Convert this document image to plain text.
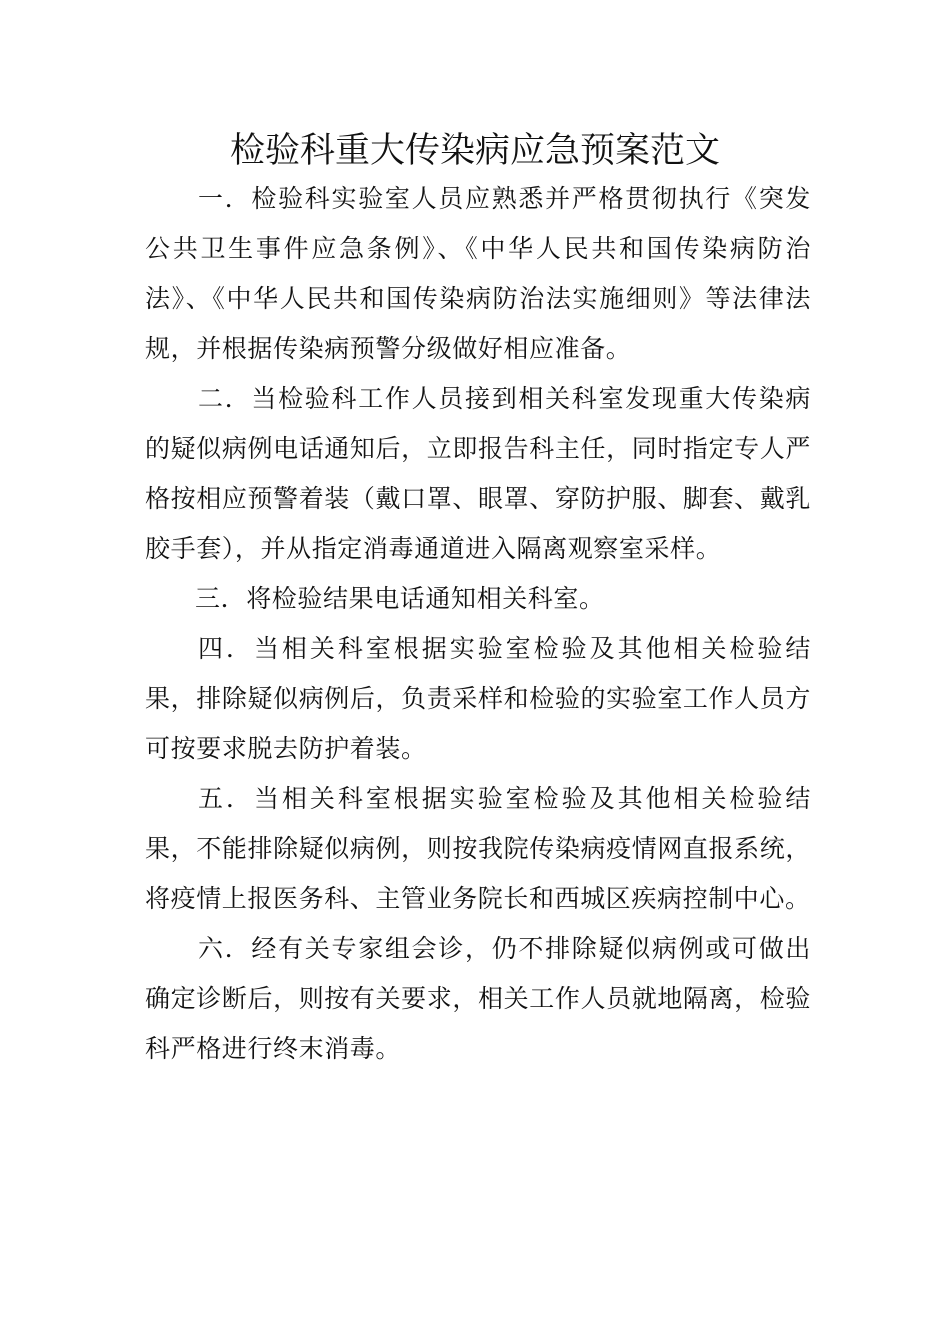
检验科重大传染病应急预案范文

一．检验科实验室人员应熟悉并严格贯彻执行《突发公共卫生事件应急条例》、《中华人民共和国传染病防治法》、《中华人民共和国传染病防治法实施细则》等法律法规，并根据传染病预警分级做好相应准备。

二．当检验科工作人员接到相关科室发现重大传染病的疑似病例电话通知后，立即报告科主任，同时指定专人严格按相应预警着装（戴口罩、眼罩、穿防护服、脚套、戴乳胶手套），并从指定消毒通道进入隔离观察室采样。

三．将检验结果电话通知相关科室。

四．当相关科室根据实验室检验及其他相关检验结果，排除疑似病例后，负责采样和检验的实验室工作人员方可按要求脱去防护着装。

五．当相关科室根据实验室检验及其他相关检验结果，不能排除疑似病例，则按我院传染病疫情网直报系统，将疫情上报医务科、主管业务院长和西城区疾病控制中心。

六．经有关专家组会诊，仍不排除疑似病例或可做出确定诊断后，则按有关要求，相关工作人员就地隔离，检验科严格进行终末消毒。
